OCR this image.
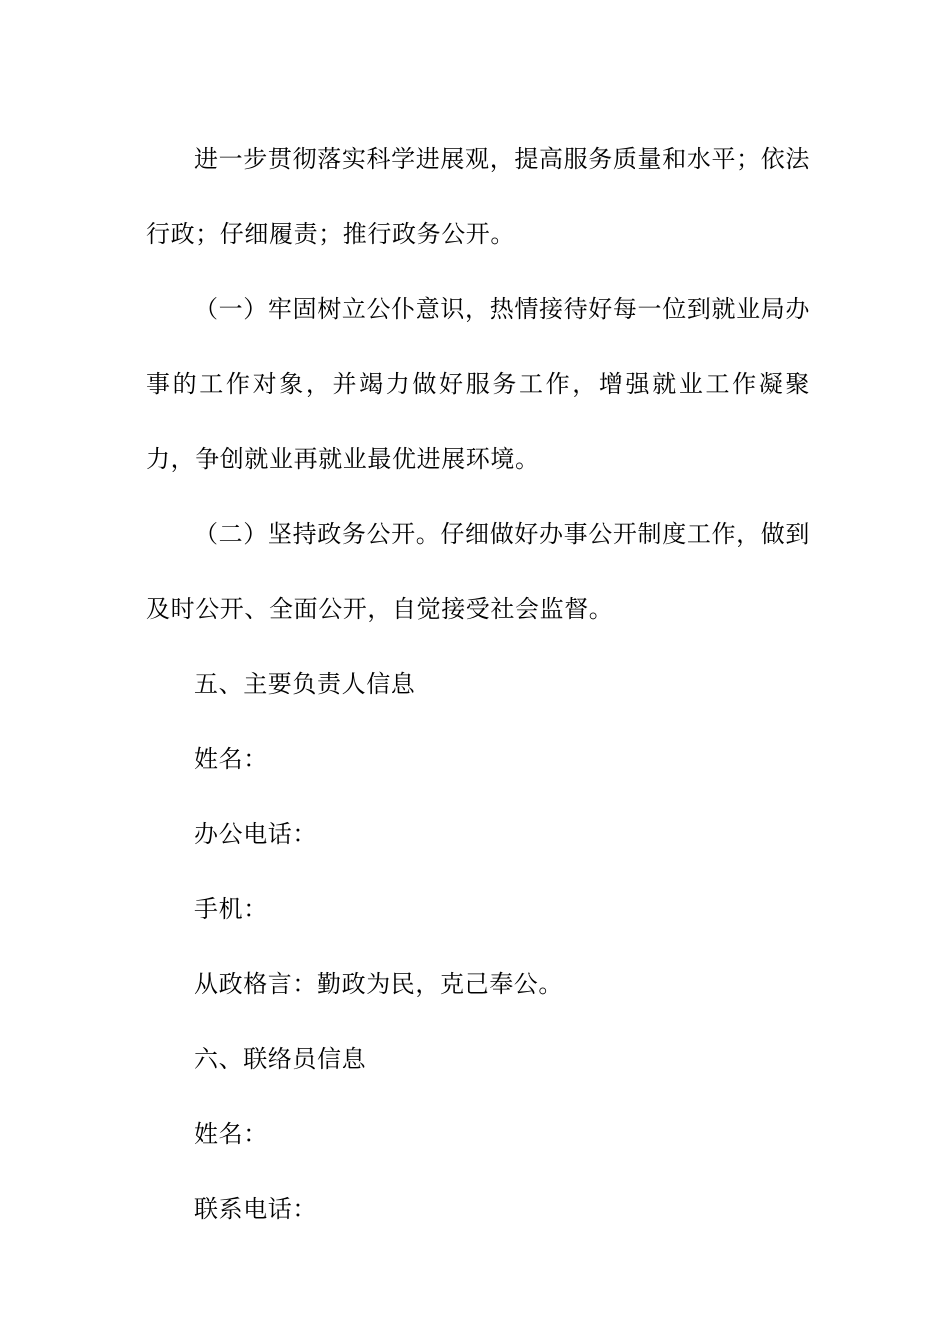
进一步贯彻落实科学进展观，提高服务质量和水平；依法行政；仔细履责；推行政务公开。

（一）牢固树立公仆意识，热情接待好每一位到就业局办事的工作对象，并竭力做好服务工作，增强就业工作凝聚力，争创就业再就业最优进展环境。

（二）坚持政务公开。仔细做好办事公开制度工作，做到及时公开、全面公开，自觉接受社会监督。

五、主要负责人信息

姓名：

办公电话：

手机：

从政格言：勤政为民，克己奉公。

六、联络员信息

姓名：

联系电话：
